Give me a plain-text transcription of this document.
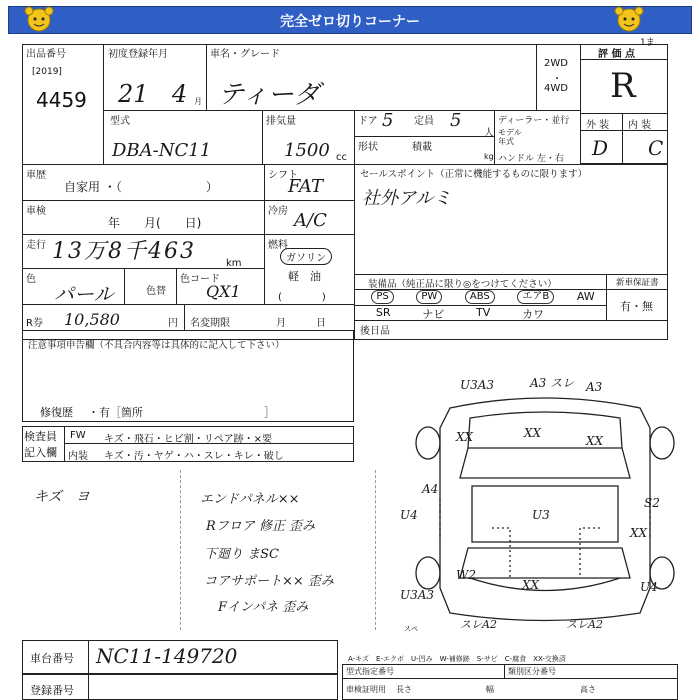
完全ゼロ切りコーナー
1ま
出品番号
[2019]
4459
初度登録年月
21 4 月
車名・グレード
ティーダ
2WD
・
4WD
評 価 点
R
外 装 内 装
D C
型式
DBA-NC11
排気量
1500 cc
ドア 5 定員 5
人
形状	積載
kg
ディーラー・並行
モデル年式
ハンドル 左・右
車歴
自家用 ・（　　　　　　　）
車検
年　　月(　　日)
走行 13万8千463	km
色
パール	色替
色コード
QX1
シフト
FAT
冷房 A/C
燃料
ガソリン
軽　油
(　　　　)
セールスポイント（正常に機能するものに限ります）
社外アルミ
装備品（純正品に限り◎をつけてください）	新車保証書
有・無
PS	PW	ABS	エアB	AW
SR	ナビ	TV	カワ
後日品
R券 10,580	円 名変期限	月　　　日
注意事項申告欄（不具合内容等は具体的に記入して下さい）
修復歴 ・有［箇所　　　　　　　　　　　］
検査員
記入欄
FW キズ・飛石・ヒビ割・リペア跡・×要
内装 キズ・汚・ヤゲ・ハ・スレ・キレ・破し
キズ　ヨ	エンドパネル××
Rフロア 修正 歪み
下廻り まSC
コアサポート×× 歪み
Fインパネ 歪み
U3A3	A3 スレ A3
XX	XX
XX
A4
U4	U3
S2
XX
XX
W2
U3A3
U4
スレA2	スレA2
スペ
A-キズ　E-エクボ　U-凹み　W-補修跡　S-サビ　C-腐食　XX-交換済
車台番号 NC11-149720
登録番号
型式指定番号	類別区分番号
車検証明用 長さ	幅	高さ
